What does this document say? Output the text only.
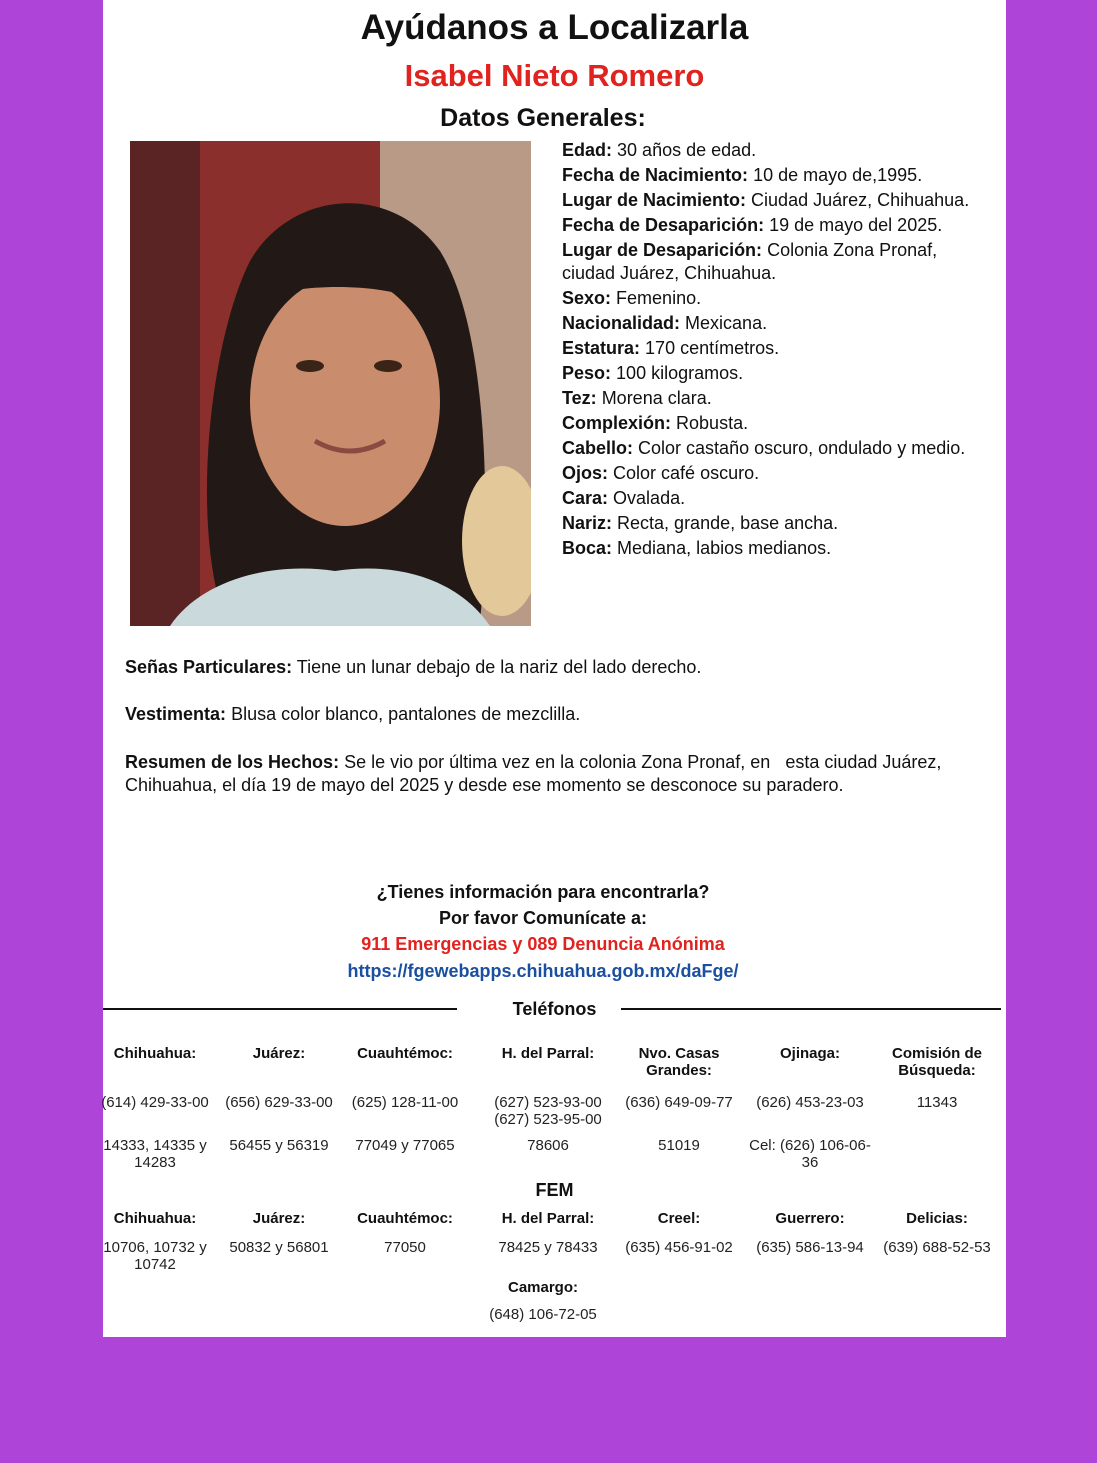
Ayúdanos a Localizarla
Isabel Nieto Romero
Datos Generales:
Edad: 30 años de edad.
Fecha de Nacimiento: 10 de mayo de,1995.
Lugar de Nacimiento: Ciudad Juárez, Chihuahua.
Fecha de Desaparición: 19 de mayo del 2025.
Lugar de Desaparición: Colonia Zona Pronaf, ciudad Juárez, Chihuahua.
Sexo: Femenino.
Nacionalidad: Mexicana.
Estatura: 170 centímetros.
Peso: 100 kilogramos.
Tez: Morena clara.
Complexión: Robusta.
Cabello: Color castaño oscuro, ondulado y medio.
Ojos: Color café oscuro.
Cara: Ovalada.
Nariz: Recta, grande, base ancha.
Boca: Mediana, labios medianos.
Señas Particulares: Tiene un lunar debajo de la nariz del lado derecho.
Vestimenta: Blusa color blanco, pantalones de mezclilla.
Resumen de los Hechos: Se le vio por última vez en la colonia Zona Pronaf, en   esta ciudad Juárez, Chihuahua, el día 19 de mayo del 2025 y desde ese momento se desconoce su paradero.
¿Tienes información para encontrarla?
Por favor Comunícate a:
911 Emergencias y 089 Denuncia Anónima
https://fgewebapps.chihuahua.gob.mx/daFge/
Teléfonos
Chihuahua:
(614) 429-33-00
14333, 14335 y 14283
Juárez:
(656) 629-33-00
56455 y 56319
Cuauhtémoc:
(625) 128-11-00
77049 y 77065
H. del Parral:
(627) 523-93-00 (627) 523-95-00
78606
Nvo. Casas Grandes:
(636) 649-09-77
51019
Ojinaga:
(626) 453-23-03
Cel: (626) 106-06-36
Comisión de Búsqueda:
11343
FEM
Chihuahua:
10706, 10732 y 10742
Juárez:
50832 y 56801
Cuauhtémoc:
77050
H. del Parral:
78425 y 78433
Creel:
(635) 456-91-02
Guerrero:
(635) 586-13-94
Delicias:
(639) 688-52-53
Camargo:
(648) 106-72-05
